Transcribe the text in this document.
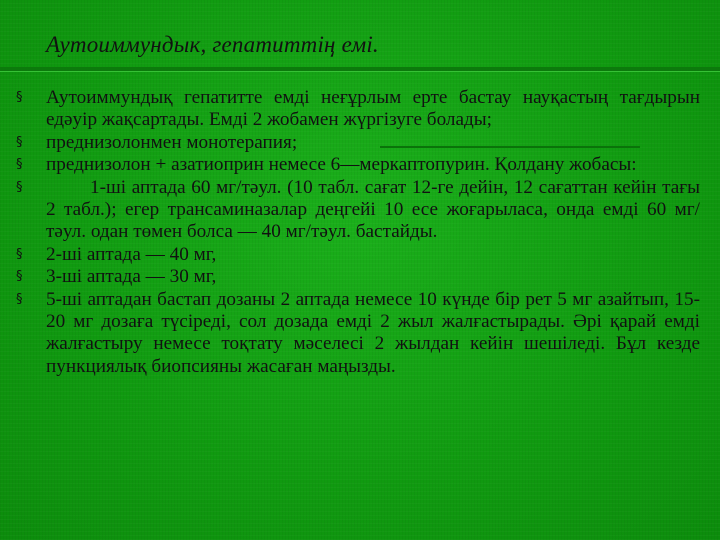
Аутоиммундык, гепатиттің емі.
§ Аутоиммундық гепатитте емді неғұрлым ерте бастау науқастың тағдырын едәуір жақсартады. Емді 2 жобамен жүргізуге болады;
§ преднизолонмен монотерапия;
§ преднизолон + азатиоприн немесе 6—меркаптопурин. Қолдану жобасы:
§	1-ші аптада 60 мг/тәул. (10 табл. сағат 12-ге дейін, 12 сағаттан кейін тағы 2 табл.); егер трансаминазалар деңгейі 10 есе жоғарыласа, онда емді 60 мг/тәул. одан төмен болса — 40 мг/тәул. бастайды.
§ 2-ші аптада — 40 мг,
§ 3-ші аптада — 30 мг,
§ 5-ші аптадан бастап дозаны 2 аптада немесе 10 күнде бір рет 5 мг азайтып, 15-20 мг дозаға түсіреді, сол дозада емді 2 жыл жалғастырады. Әрі қарай емді жалғастыру немесе тоқтату мәселесі 2 жылдан кейін шешіледі. Бұл кезде пункциялық биопсияны жасаған маңызды.
